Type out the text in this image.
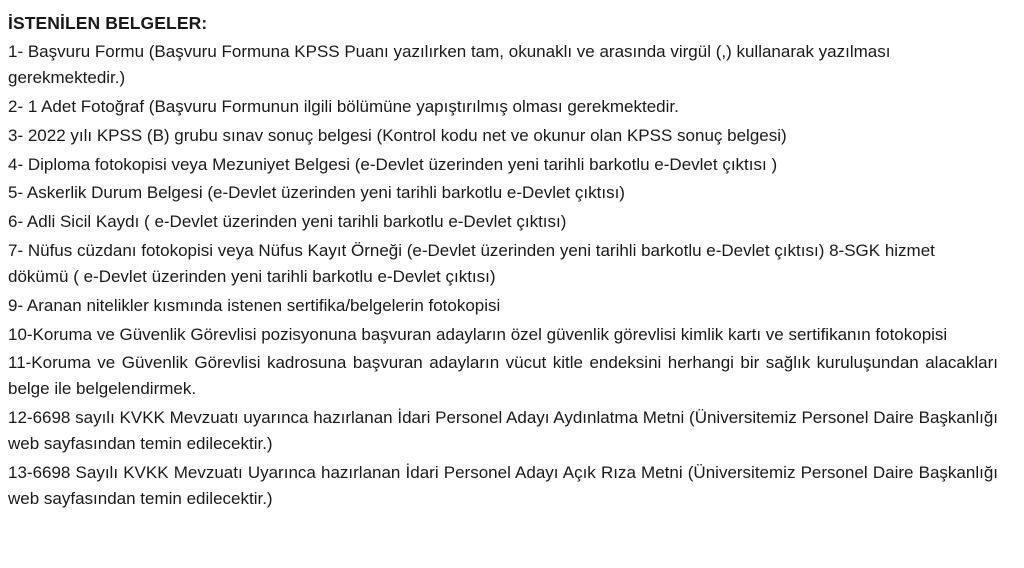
İSTENİLEN BELGELER:

1- Başvuru Formu (Başvuru Formuna KPSS Puanı yazılırken tam, okunaklı ve arasında virgül (,) kullanarak yazılması gerekmektedir.)

2- 1 Adet Fotoğraf (Başvuru Formunun ilgili bölümüne yapıştırılmış olması gerekmektedir.

3- 2022 yılı KPSS (B) grubu sınav sonuç belgesi (Kontrol kodu net ve okunur olan KPSS sonuç belgesi)

4- Diploma fotokopisi veya Mezuniyet Belgesi (e-Devlet üzerinden yeni tarihli barkotlu e-Devlet çıktısı )

5- Askerlik Durum Belgesi (e-Devlet üzerinden yeni tarihli barkotlu e-Devlet çıktısı)

6- Adli Sicil Kaydı ( e-Devlet üzerinden yeni tarihli barkotlu e-Devlet çıktısı)

7- Nüfus cüzdanı fotokopisi veya Nüfus Kayıt Örneği (e-Devlet üzerinden yeni tarihli barkotlu e-Devlet çıktısı) 8-SGK hizmet dökümü ( e-Devlet üzerinden yeni tarihli barkotlu e-Devlet çıktısı)

9- Aranan nitelikler kısmında istenen sertifika/belgelerin fotokopisi

10-Koruma ve Güvenlik Görevlisi pozisyonuna başvuran adayların özel güvenlik görevlisi kimlik kartı ve sertifikanın fotokopisi

11-Koruma ve Güvenlik Görevlisi kadrosuna başvuran adayların vücut kitle endeksini herhangi bir sağlık kuruluşundan alacakları belge ile belgelendirmek.

12-6698 sayılı KVKK Mevzuatı uyarınca hazırlanan İdari Personel Adayı Aydınlatma Metni (Üniversitemiz Personel Daire Başkanlığı web sayfasından temin edilecektir.)

13-6698 Sayılı KVKK Mevzuatı Uyarınca hazırlanan İdari Personel Adayı Açık Rıza Metni (Üniversitemiz Personel Daire Başkanlığı web sayfasından temin edilecektir.)
